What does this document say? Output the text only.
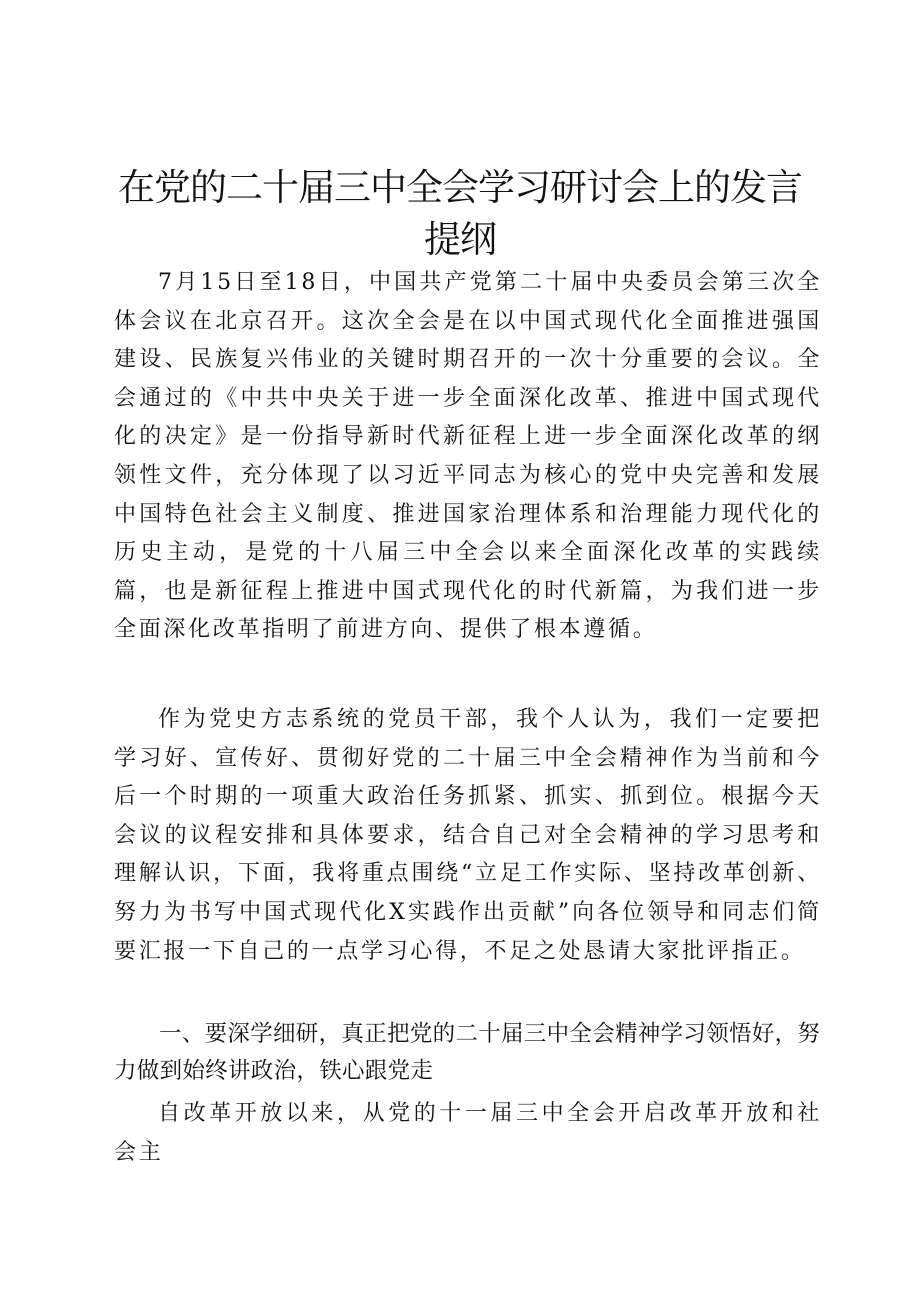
在党的二十届三中全会学习研讨会上的发言提纲

7月15日至18日，中国共产党第二十届中央委员会第三次全体会议在北京召开。这次全会是在以中国式现代化全面推进强国建设、民族复兴伟业的关键时期召开的一次十分重要的会议。全会通过的《中共中央关于进一步全面深化改革、推进中国式现代化的决定》是一份指导新时代新征程上进一步全面深化改革的纲领性文件，充分体现了以习近平同志为核心的党中央完善和发展中国特色社会主义制度、推进国家治理体系和治理能力现代化的历史主动，是党的十八届三中全会以来全面深化改革的实践续篇，也是新征程上推进中国式现代化的时代新篇，为我们进一步全面深化改革指明了前进方向、提供了根本遵循。

作为党史方志系统的党员干部，我个人认为，我们一定要把学习好、宣传好、贯彻好党的二十届三中全会精神作为当前和今后一个时期的一项重大政治任务抓紧、抓实、抓到位。根据今天会议的议程安排和具体要求，结合自己对全会精神的学习思考和理解认识，下面，我将重点围绕“立足工作实际、坚持改革创新、努力为书写中国式现代化X实践作出贡献”向各位领导和同志们简要汇报一下自己的一点学习心得，不足之处恳请大家批评指正。

一、要深学细研，真正把党的二十届三中全会精神学习领悟好，努力做到始终讲政治，铁心跟党走

自改革开放以来，从党的十一届三中全会开启改革开放和社会主
